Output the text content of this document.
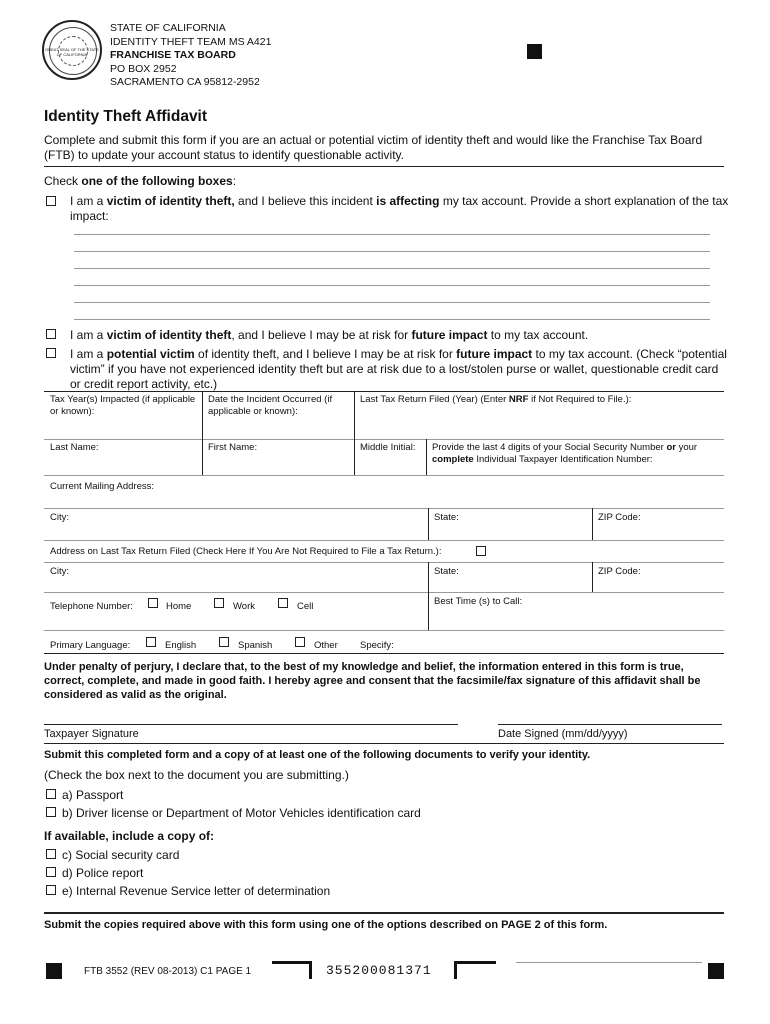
GREAT SEAL OF THE STATE OF CALIFORNIA
STATE OF CALIFORNIA
IDENTITY THEFT TEAM MS A421
FRANCHISE TAX BOARD
PO BOX 2952
SACRAMENTO CA 95812-2952
Identity Theft Affidavit
Complete and submit this form if you are an actual or potential victim of identity theft and would like the Franchise Tax Board (FTB) to update your account status to identify questionable activity.
Check one of the following boxes:
I am a victim of identity theft, and I believe this incident is affecting my tax account. Provide a short explanation of the tax impact:
I am a victim of identity theft, and I believe I may be at risk for future impact to my tax account.
I am a potential victim of identity theft, and I believe I may be at risk for future impact to my tax account. (Check “potential victim” if you have not experienced identity theft but are at risk due to a lost/stolen purse or wallet, questionable credit card or credit report activity, etc.)
Tax Year(s) Impacted (if applicable or known):
Date the Incident Occurred (if applicable or known):
Last Tax Return Filed (Year) (Enter NRF if Not Required to File.):
Last Name:	First Name:	Middle Initial: Provide the last 4 digits of your Social Security Number or your complete Individual Taxpayer Identification Number:
Current Mailing Address:
City:	State:	ZIP Code:
Address on Last Tax Return Filed (Check Here If You Are Not Required to File a Tax Return.):
City:	State:	ZIP Code:
Telephone Number:	Home	Work	Cell	Best Time (s) to Call:
Primary Language:	English	Spanish	Other Specify:
Under penalty of perjury, I declare that, to the best of my knowledge and belief, the information entered in this form is true, correct, complete, and made in good faith. I hereby agree and consent that the facsimile/fax signature of this affidavit shall be considered as valid as the original.
Taxpayer Signature	Date Signed (mm/dd/yyyy)
Submit this completed form and a copy of at least one of the following documents to verify your identity.
(Check the box next to the document you are submitting.)
a) Passport
b) Driver license or Department of Motor Vehicles identification card
If available, include a copy of:
c) Social security card
d) Police report
e) Internal Revenue Service letter of determination
Submit the copies required above with this form using one of the options described on PAGE 2 of this form.
FTB 3552 (REV 08-2013) C1 PAGE 1	355200081371
